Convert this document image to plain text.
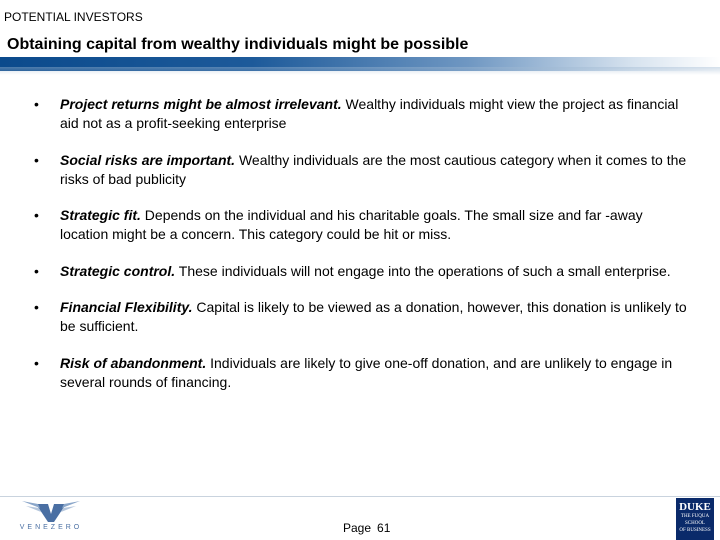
POTENTIAL INVESTORS
Obtaining capital from wealthy individuals might be possible
• Project returns might be almost irrelevant. Wealthy individuals might view the project as financial aid not as a profit-seeking enterprise
• Social risks are important. Wealthy individuals are the most cautious category when it comes to the risks of bad publicity
• Strategic fit. Depends on the individual and his charitable goals. The small size and far -away location might be a concern. This category could be hit or miss.
• Strategic control. These individuals will not engage into the operations of such a small enterprise.
• Financial Flexibility. Capital is likely to be viewed as a donation, however, this donation is unlikely to be sufficient.
• Risk of abandonment. Individuals are likely to give one-off donation, and are unlikely to engage in several rounds of financing.
VENEZERO	Page 61
DUKE
THE FUQUA
SCHOOL
OF BUSINESS
